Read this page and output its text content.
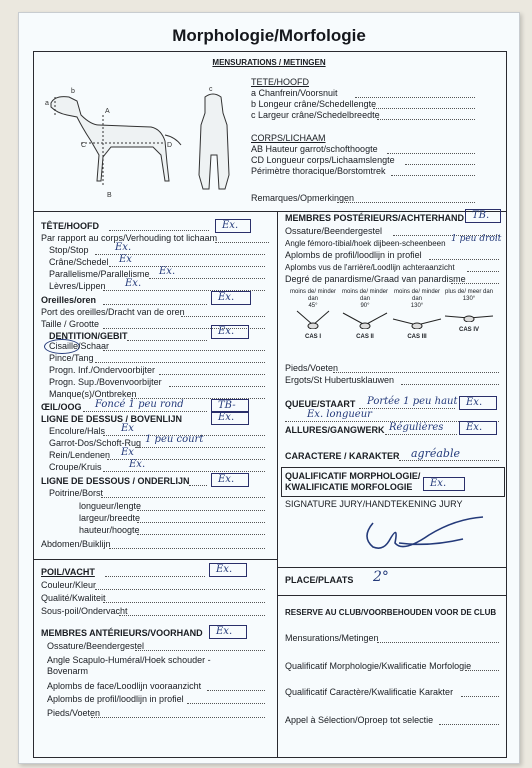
Morphologie/Morfologie
MENSURATIONS / METINGEN
a
b
C
A
D
B
c
TETE/HOOFD
a Chanfrein/Voorsnuit
b Longeur crâne/Schedellengte
c Largeur crâne/Schedelbreedte
CORPS/LICHAAM
AB Hauteur garrot/schofthoogte
CD Longueur corps/Lichaamslengte
Périmètre thoracique/Borstomtrek
Remarques/Opmerkingen
TÊTE/HOOFD	Ex.
Par rapport au corps/Verhouding tot lichaam
Stop/Stop	Ex.
Crâne/Schedel Ex
Parallelisme/Parallelisme Ex.
Lèvres/Lippen Ex.
Oreilles/oren	Ex.
Port des oreilles/Dracht van de oren
Taille / Grootte
DENTITION/GEBIT	Ex.
Cisaille/Schaar
Pince/Tang
Progn. Inf./Ondervoorbijter
Progn. Sup./Bovenvoorbijter
Manque(s)/Ontbreken
ŒIL/OOG Foncé 1 peu rond	TB-
LIGNE DE DESSUS / BOVENLIJN	Ex.
Encolure/Hals Ex
Garrot-Dos/Schoft-Rug 1 peu court
Rein/Lendenen Ex
Croupe/Kruis	Ex.
LIGNE DE DESSOUS / ONDERLIJN	Ex.
Poitrine/Borst
longueur/lengte
largeur/breedte
hauteur/hoogte
Abdomen/Buiklijn
POIL/VACHT	Ex.
Couleur/Kleur
Qualité/Kwaliteit
Sous-poil/Ondervacht
MEMBRES ANTÉRIEURS/VOORHAND Ex.
Ossature/Beendergestel
Angle Scapulo-Huméral/Hoek schouder - Bovenarm
Aplombs de face/Loodlijn vooraanzicht
Aplombs de profil/loodlijn in profiel
Pieds/Voeten
MEMBRES POSTÉRIEURS/ACHTERHAND TB.
Ossature/Beendergestel
Angle fémoro-tibial/hoek dijbeen-scheenbeen 1 peu droit
Aplombs de profil/loodlijn in profiel
Aplombs vus de l'arrière/Loodlijn achteraanzicht
Degré de panardisme/Graad van panardisme
moins de/ minder dan
45°
CAS I
moins de/ minder dan
90°
CAS II
moins de/ minder dan
130°
CAS III
plus de/ meer dan
130°
CAS IV
Pieds/Voeten
Ergots/St Hubertusklauwen
QUEUE/STAART Portée 1 peu haut Ex.
Ex. longueur
ALLURES/GANGWERK Régulières Ex.
CARACTERE / KARAKTER agréable
QUALIFICATIF MORPHOLOGIE/
KWALIFICATIE MORFOLOGIE Ex.
SIGNATURE JURY/HANDTEKENING JURY
PLACE/PLAATS 2°
RESERVE AU CLUB/VOORBEHOUDEN VOOR DE CLUB
Mensurations/Metingen
Qualificatif Morphologie/Kwalificatie Morfologie
Qualificatif Caractère/Kwalificatie Karakter
Appel à Sélection/Oproep tot selectie
